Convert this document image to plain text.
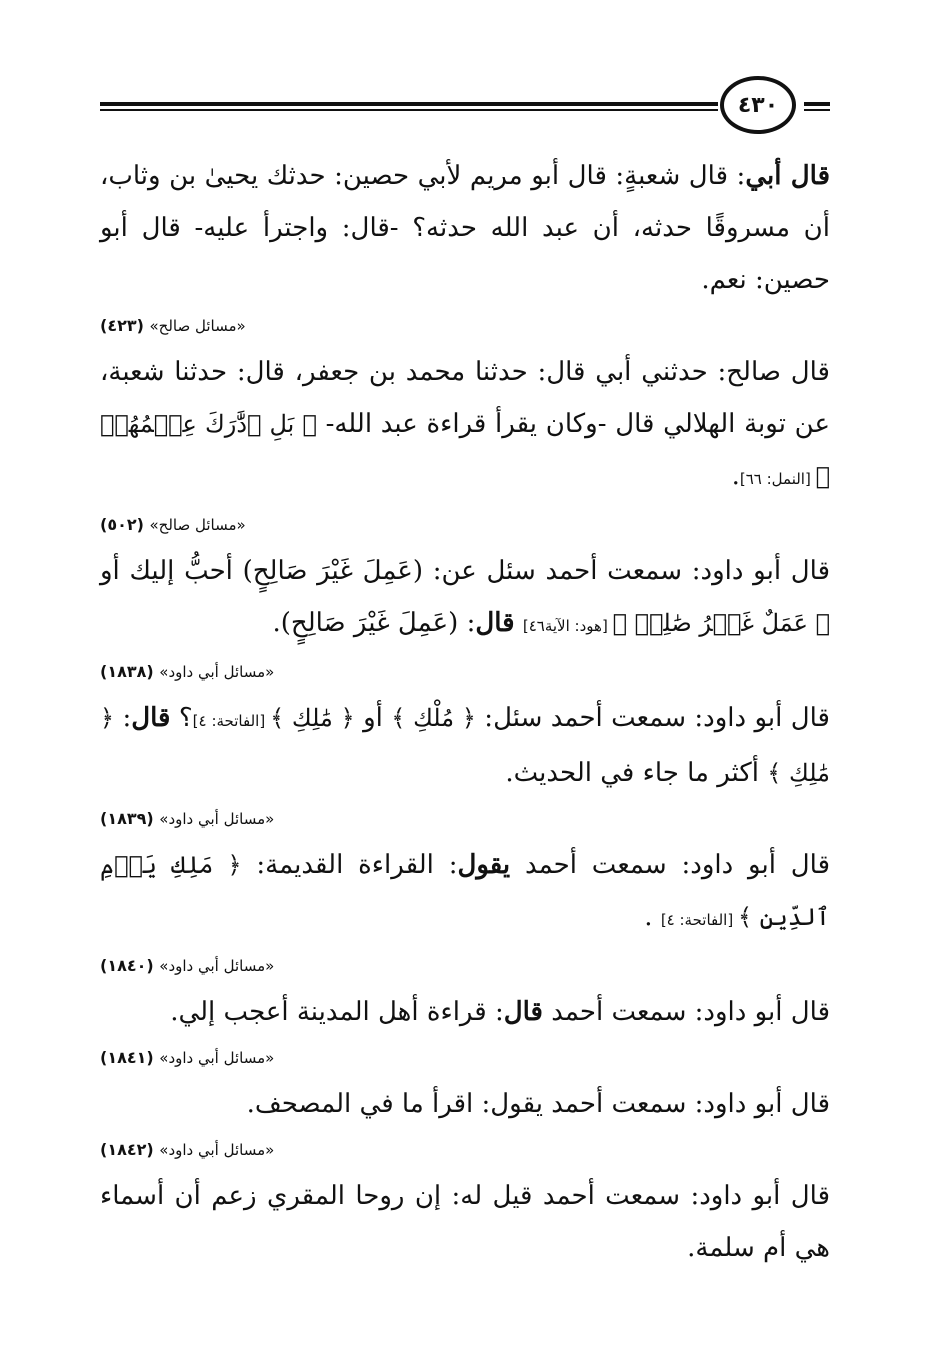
٤٣٠

قال أبي: قال شعبةٍ: قال أبو مريم لأبي حصين: حدثك يحيىٰ بن وثاب، أن مسروقًا حدثه، أن عبد الله حدثه؟ -قال: واجترأ عليه- قال أبو حصين: نعم.

«مسائل صالح» (٤٢٣)

قال صالح: حدثني أبي قال: حدثنا محمد بن جعفر، قال: حدثنا شعبة، عن توبة الهلالي قال -وكان يقرأ قراءة عبد الله- ﴿ بَلِ ٱدَّٰرَكَ عِلۡمُهُمۡ ﴾ [النمل: ٦٦].

«مسائل صالح» (٥٠٢)

قال أبو داود: سمعت أحمد سئل عن: (عَمِلَ غَيْرَ صَالِحٍ) أحبُّ إليك أو ﴿ عَمَلٌ غَيۡرُ صَٰلِحٖ ﴾ [هود: الآية٤٦] قال: (عَمِلَ غَيْرَ صَالِحٍ).

«مسائل أبي داود» (١٨٣٨)

قال أبو داود: سمعت أحمد سئل: ﴿ مُلْكِ ﴾ أو ﴿ مَٰلِكِ ﴾ [الفاتحة: ٤]؟ قال: ﴿ مَٰلِكِ ﴾ أكثر ما جاء في الحديث.

«مسائل أبي داود» (١٨٣٩)

قال أبو داود: سمعت أحمد يقول: القراءة القديمة: ﴿ مَلِكِ يَوۡمِ ٱلدِّينِ ﴾ [الفاتحة: ٤] .

«مسائل أبي داود» (١٨٤٠)

قال أبو داود: سمعت أحمد قال: قراءة أهل المدينة أعجب إلي.

«مسائل أبي داود» (١٨٤١)

قال أبو داود: سمعت أحمد يقول: اقرأ ما في المصحف.

«مسائل أبي داود» (١٨٤٢)

قال أبو داود: سمعت أحمد قيل له: إن روحا المقري زعم أن أسماء هي أم سلمة.
